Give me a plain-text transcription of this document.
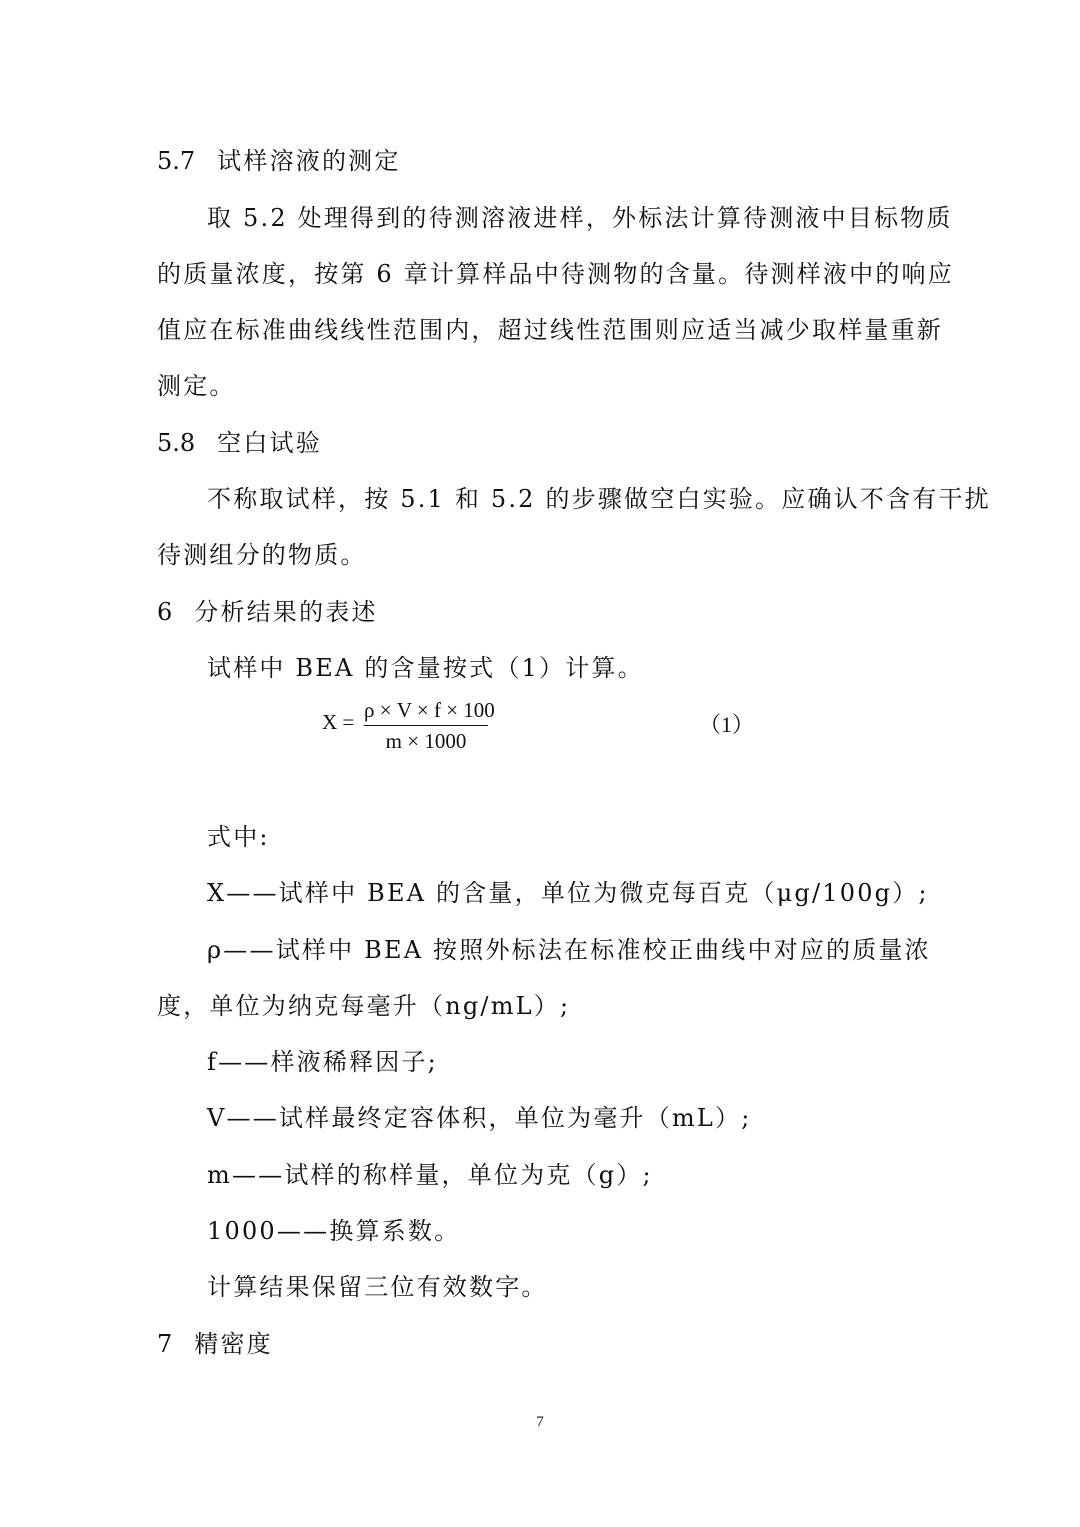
5.7 试样溶液的测定
取 5.2 处理得到的待测溶液进样，外标法计算待测液中目标物质
的质量浓度，按第 6 章计算样品中待测物的含量。待测样液中的响应
值应在标准曲线线性范围内，超过线性范围则应适当减少取样量重新
测定。
5.8 空白试验
不称取试样，按 5.1 和 5.2 的步骤做空白实验。应确认不含有干扰
待测组分的物质。
6 分析结果的表述
试样中 BEA 的含量按式（1）计算。
X = ρ × V × f × 100
m × 1000
（1）
式中:
X——试样中 BEA 的含量，单位为微克每百克（μg/100g）;
ρ——试样中 BEA 按照外标法在标准校正曲线中对应的质量浓
度，单位为纳克每毫升（ng/mL）;
f——样液稀释因子;
V——试样最终定容体积，单位为毫升（mL）;
m——试样的称样量，单位为克（g）;
1000——换算系数。
计算结果保留三位有效数字。
7 精密度
7
